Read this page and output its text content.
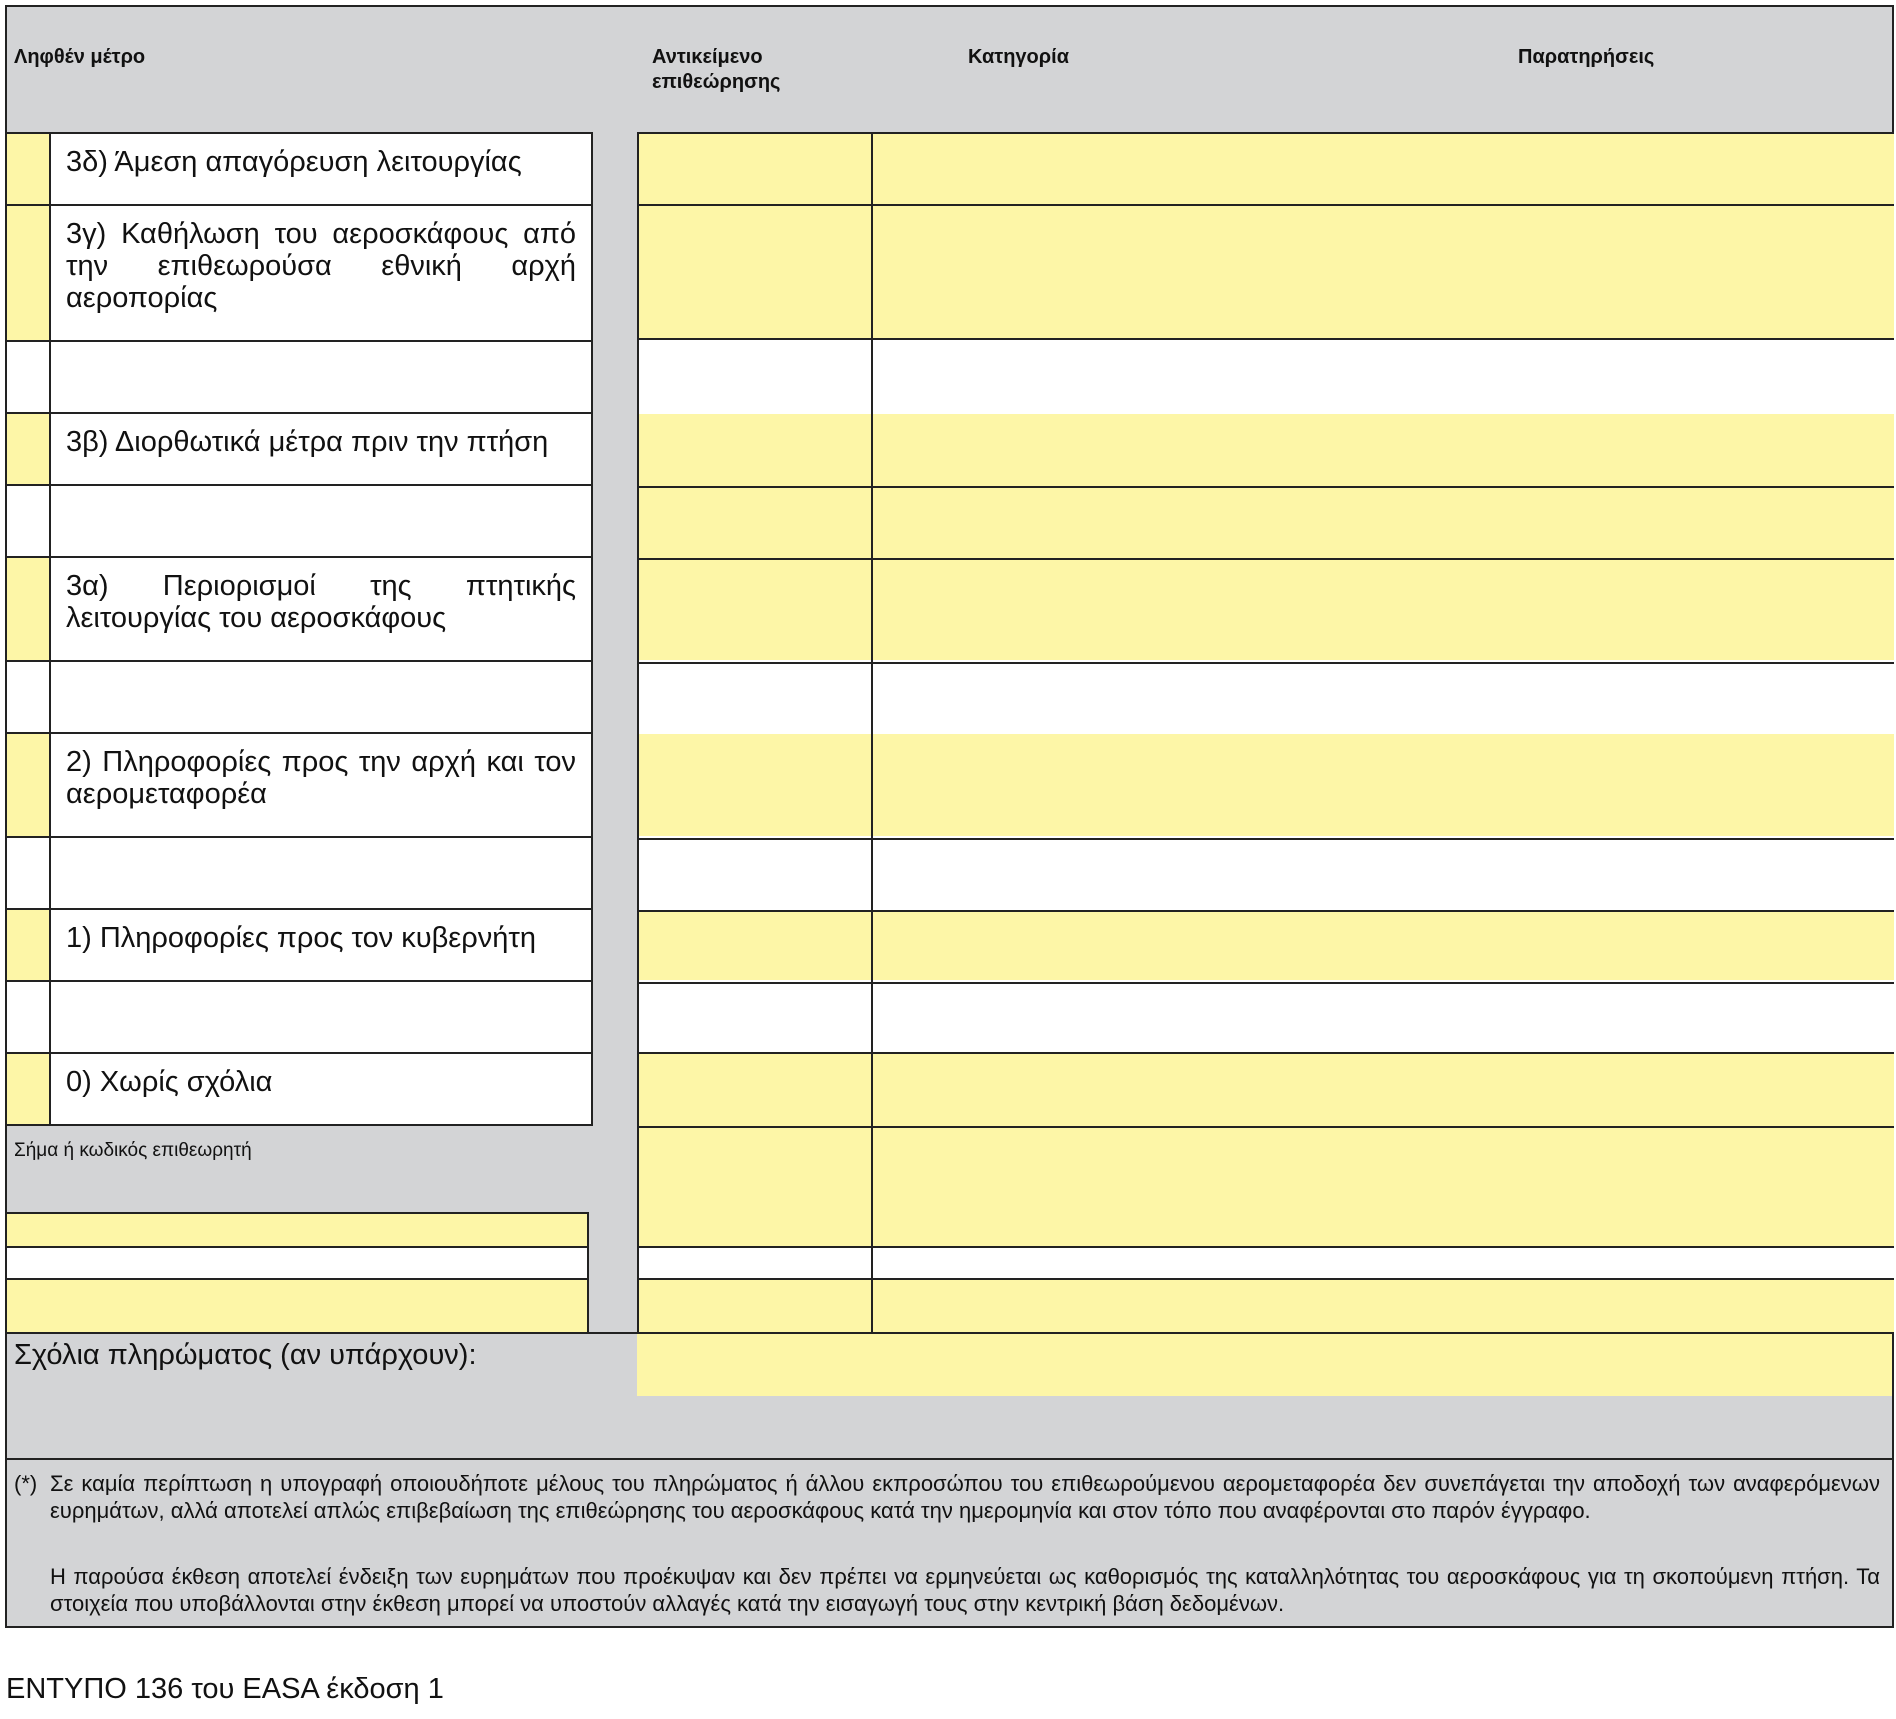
Ληφθέν μέτρο	Αντικείμενο επιθεώρησης
Κατηγορία	Παρατηρήσεις
3δ) Άμεση απαγόρευση λειτουργίας
3γ) Καθήλωση του αεροσκάφους από την επιθεωρούσα εθνική αρχή αεροπορίας
3β) Διορθωτικά μέτρα πριν την πτήση
3α) Περιορισμοί της πτητικής λειτουργίας του αεροσκάφους
2) Πληροφορίες προς την αρχή και τον αερομεταφορέα
1) Πληροφορίες προς τον κυβερνήτη
0) Χωρίς σχόλια
Σήμα ή κωδικός επιθεωρητή
Σχόλια πληρώματος (αν υπάρχουν):
(*) Σε καμία περίπτωση η υπογραφή οποιουδήποτε μέλους του πληρώματος ή άλλου εκπροσώπου του επιθεωρούμενου αερομεταφορέα δεν συνεπάγεται την αποδοχή των αναφερόμενων ευρημάτων, αλλά αποτελεί απλώς επιβεβαίωση της επιθεώρησης του αεροσκάφους κατά την ημερομηνία και στον τόπο που αναφέρονται στο παρόν έγγραφο.
Η παρούσα έκθεση αποτελεί ένδειξη των ευρημάτων που προέκυψαν και δεν πρέπει να ερμηνεύεται ως καθορισμός της καταλληλότητας του αεροσκάφους για τη σκοπούμενη πτήση. Τα στοιχεία που υποβάλλονται στην έκθεση μπορεί να υποστούν αλλαγές κατά την εισαγωγή τους στην κεντρική βάση δεδομένων.
ΕΝΤΥΠΟ 136 του EASA έκδοση 1
